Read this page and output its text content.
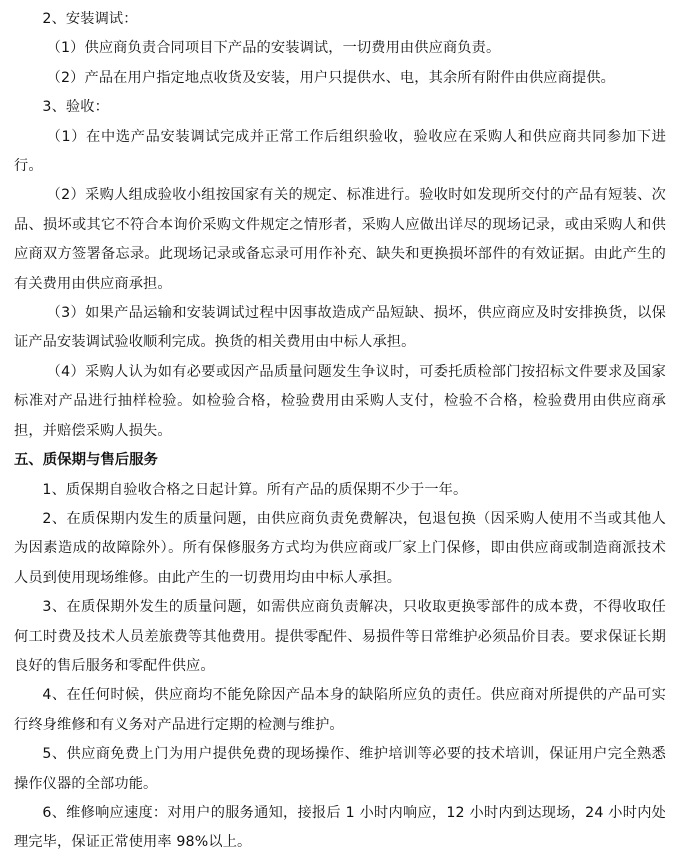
2、安装调试：

（1）供应商负责合同项目下产品的安装调试，一切费用由供应商负责。

（2）产品在用户指定地点收货及安装，用户只提供水、电，其余所有附件由供应商提供。

3、验收：

（1）在中选产品安装调试完成并正常工作后组织验收，验收应在采购人和供应商共同参加下进行。

（2）采购人组成验收小组按国家有关的规定、标准进行。验收时如发现所交付的产品有短装、次品、损坏或其它不符合本询价采购文件规定之情形者，采购人应做出详尽的现场记录，或由采购人和供应商双方签署备忘录。此现场记录或备忘录可用作补充、缺失和更换损坏部件的有效证据。由此产生的有关费用由供应商承担。

（3）如果产品运输和安装调试过程中因事故造成产品短缺、损坏，供应商应及时安排换货，以保证产品安装调试验收顺利完成。换货的相关费用由中标人承担。

（4）采购人认为如有必要或因产品质量问题发生争议时，可委托质检部门按招标文件要求及国家标准对产品进行抽样检验。如检验合格，检验费用由采购人支付，检验不合格，检验费用由供应商承担，并赔偿采购人损失。

五、质保期与售后服务

1、质保期自验收合格之日起计算。所有产品的质保期不少于一年。

2、在质保期内发生的质量问题，由供应商负责免费解决，包退包换（因采购人使用不当或其他人为因素造成的故障除外）。所有保修服务方式均为供应商或厂家上门保修，即由供应商或制造商派技术人员到使用现场维修。由此产生的一切费用均由中标人承担。

3、在质保期外发生的质量问题，如需供应商负责解决，只收取更换零部件的成本费，不得收取任何工时费及技术人员差旅费等其他费用。提供零配件、易损件等日常维护必须品价目表。要求保证长期良好的售后服务和零配件供应。

4、在任何时候，供应商均不能免除因产品本身的缺陷所应负的责任。供应商对所提供的产品可实行终身维修和有义务对产品进行定期的检测与维护。

5、供应商免费上门为用户提供免费的现场操作、维护培训等必要的技术培训，保证用户完全熟悉操作仪器的全部功能。

6、维修响应速度：对用户的服务通知，接报后 1 小时内响应，12 小时内到达现场，24 小时内处理完毕，保证正常使用率 98%以上。
